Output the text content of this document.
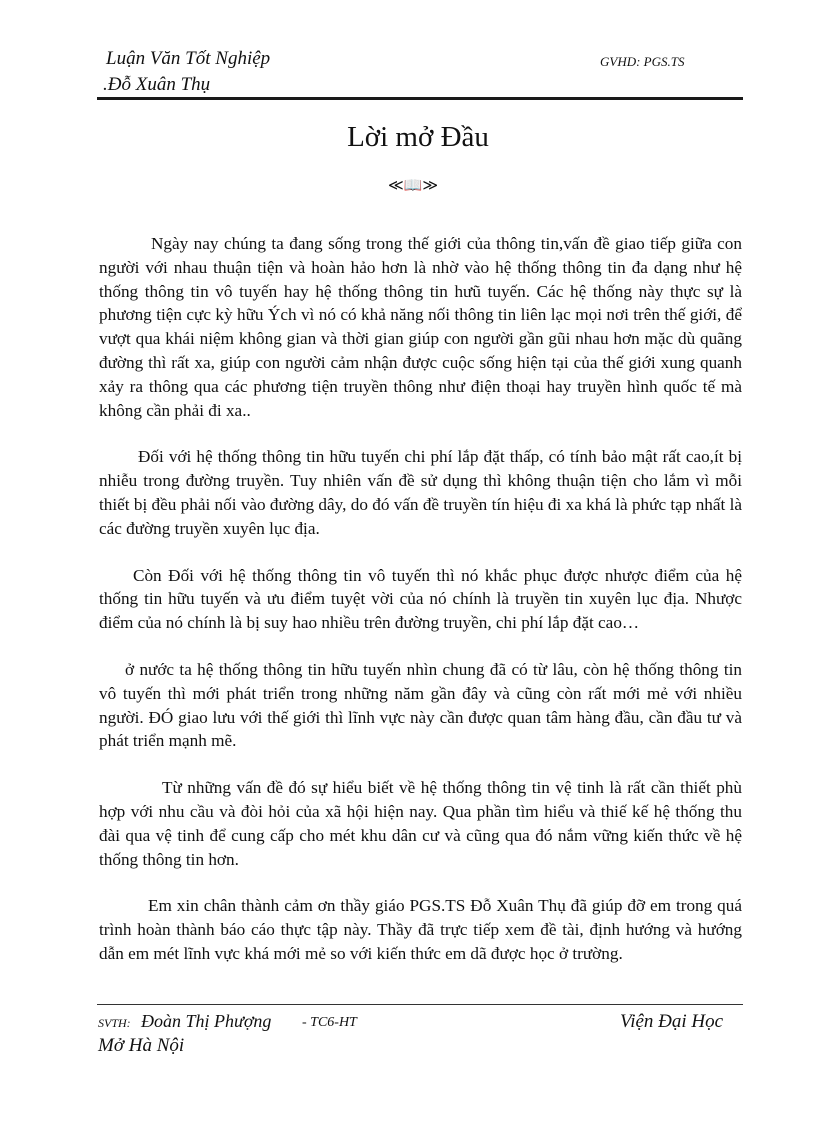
Luận Văn Tốt Nghiệp
.Đỗ Xuân Thụ
GVHD: PGS.TS
Lời mở Đầu
≪📖≫

Ngày nay chúng ta đang sống trong thế giới của thông tin,vấn đề giao tiếp giữa con người với nhau thuận tiện và hoàn hảo hơn là nhờ vào hệ thống thông tin đa dạng như hệ thống thông tin vô tuyến hay hệ thống thông tin hưũ tuyến. Các hệ thống này thực sự là phương tiện cực kỳ hữu Ých vì nó có khả năng nối thông tin liên lạc mọi nơi trên thế giới, để vượt qua khái niệm không gian và thời gian giúp con người gần gũi nhau hơn mặc dù quãng đường thì rất xa, giúp con người cảm nhận được cuộc sống hiện tại của thế giới xung quanh xảy ra thông qua các phương tiện truyền thông như điện thoại hay truyền hình quốc tế mà không cần phải đi xa..

Đối với hệ thống thông tin hữu tuyến chi phí lắp đặt thấp, có tính bảo mật rất cao,ít bị nhiễu trong đường truyền. Tuy nhiên vấn đề sử dụng thì không thuận tiện cho lắm vì mỗi thiết bị đều phải nối vào đường dây, do đó vấn đề truyền tín hiệu đi xa khá là phức tạp nhất là các đường truyền xuyên lục địa.

Còn Đối với hệ thống thông tin vô tuyến thì nó khắc phục được nhược điểm của hệ thống tin hữu tuyến và ưu điểm tuyệt vời của nó chính là truyền tin xuyên lục địa. Nhược điểm của nó chính là bị suy hao nhiều trên đường truyền, chi phí lắp đặt cao…

ở nước ta hệ thống thông tin hữu tuyến nhìn chung đã có từ lâu, còn hệ thống thông tin vô tuyến thì mới phát triển trong những năm gần đây và cũng còn rất mới mẻ với nhiều người. ĐÓ giao lưu với thế giới thì lĩnh vực này cần được quan tâm hàng đầu, cần đầu tư và phát triển mạnh mẽ.

Từ những vấn đề đó sự hiểu biết về hệ thống thông tin vệ tinh là rất cần thiết phù hợp với nhu cầu và đòi hỏi của xã hội hiện nay. Qua phần tìm hiểu và thiế kế hệ thống thu đài qua vệ tinh để cung cấp cho mét khu dân cư và cũng qua đó nắm vững kiến thức về hệ thống thông tin hơn.

Em xin chân thành cảm ơn thầy giáo PGS.TS Đỗ Xuân Thụ đã giúp đỡ em trong quá trình hoàn thành báo cáo thực tập này. Thầy đã trực tiếp xem đề tài, định hướng và hướng dẫn em mét lĩnh vực khá mới mẻ so với kiến thức em dã được học ở trường.

SVTH: Đoàn Thị Phượng - TC6-HT	Viện Đại Học
Mở Hà Nội
